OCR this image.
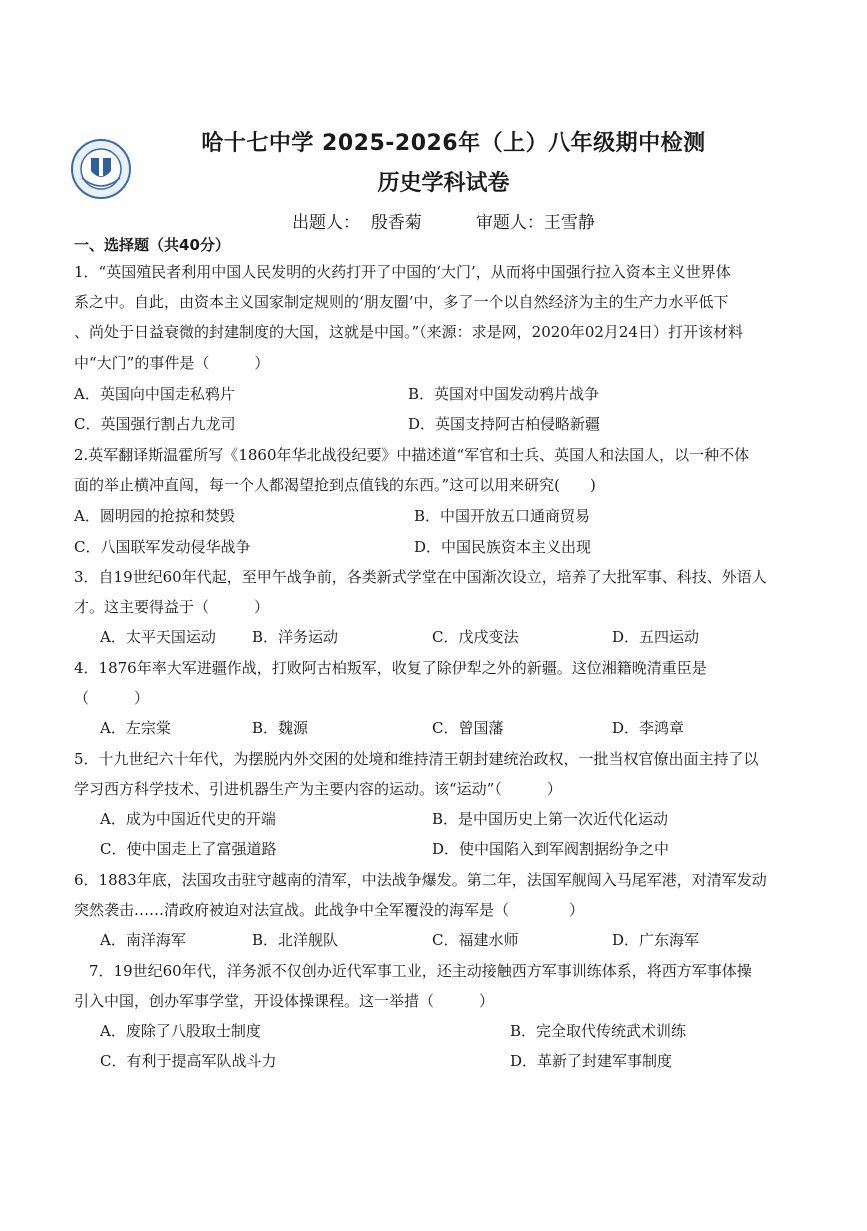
哈十七中学 2025-2026年（上）八年级期中检测
历史学科试卷
出题人： 殷香菊	审题人：王雪静
一、选择题（共40分）
1．“英国殖民者利用中国人民发明的火药打开了中国的‘大门’，从而将中国强行拉入资本主义世界体
系之中。自此，由资本主义国家制定规则的‘朋友圈’中，多了一个以自然经济为主的生产力水平低下
、尚处于日益衰微的封建制度的大国，这就是中国。”（来源：求是网，2020年02月24日）打开该材料
中“大门”的事件是（　　　）
A．英国向中国走私鸦片	B．英国对中国发动鸦片战争
C．英国强行割占九龙司	D．英国支持阿古柏侵略新疆
2.英军翻译斯温霍所写《1860年华北战役纪要》中描述道“军官和士兵、英国人和法国人，以一种不体
面的举止横冲直闯，每一个人都渴望抢到点值钱的东西。”这可以用来研究(　　)
A．圆明园的抢掠和焚毁	B．中国开放五口通商贸易
C．八国联军发动侵华战争	D．中国民族资本主义出现
3．自19世纪60年代起，至甲午战争前，各类新式学堂在中国渐次设立，培养了大批军事、科技、外语人
才。这主要得益于（　　　）
A．太平天国运动 B．洋务运动	C．戊戌变法	D．五四运动
4．1876年率大军进疆作战，打败阿古柏叛军，收复了除伊犁之外的新疆。这位湘籍晚清重臣是
（　　　）
A．左宗棠	B．魏源	C．曾国藩	D．李鸿章
5．十九世纪六十年代，为摆脱内外交困的处境和维持清王朝封建统治政权，一批当权官僚出面主持了以
学习西方科学技术、引进机器生产为主要内容的运动。该“运动”（　　　）
A．成为中国近代史的开端	B．是中国历史上第一次近代化运动
C．使中国走上了富强道路	D．使中国陷入到军阀割据纷争之中
6．1883年底，法国攻击驻守越南的清军，中法战争爆发。第二年，法国军舰闯入马尾军港，对清军发动
突然袭击……清政府被迫对法宣战。此战争中全军覆没的海军是（　　　　）
A．南洋海军	B．北洋舰队	C．福建水师	D．广东海军
　7．19世纪60年代，洋务派不仅创办近代军事工业，还主动接触西方军事训练体系，将西方军事体操
引入中国，创办军事学堂，开设体操课程。这一举措（　　　）
A．废除了八股取士制度	B．完全取代传统武术训练
C．有利于提高军队战斗力	D．革新了封建军事制度
